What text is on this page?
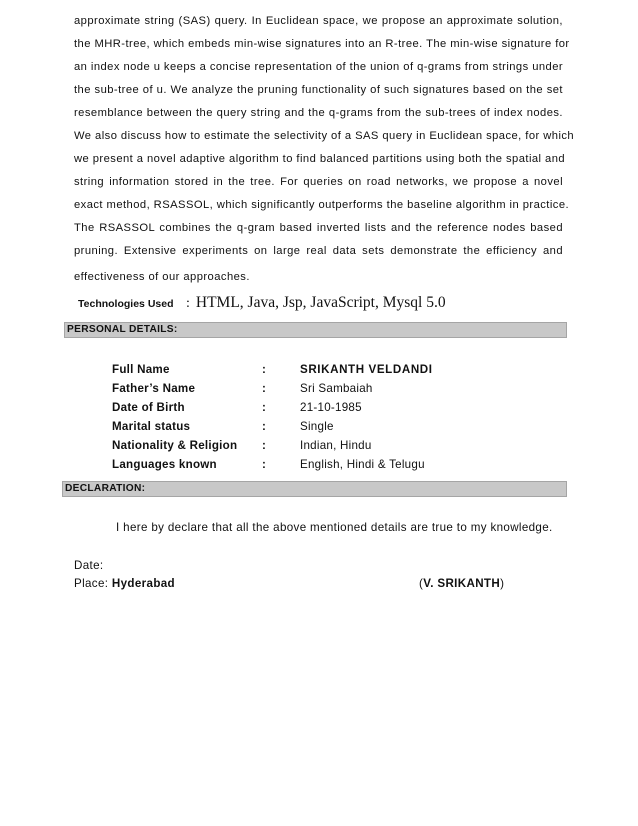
approximate string (SAS) query. In Euclidean space, we propose an approximate solution,
the MHR-tree, which embeds min-wise signatures into an R-tree. The min-wise signature for
an index node u keeps a concise representation of the union of q-grams from strings under
the sub-tree of u. We analyze the pruning functionality of such signatures based on the set
resemblance between the query string and the q-grams from the sub-trees of index nodes.
We also discuss how to estimate the selectivity of a SAS query in Euclidean space, for which
we present a novel adaptive algorithm to find balanced partitions using both the spatial and
string information stored in the tree. For queries on road networks, we propose a novel
exact method, RSASSOL, which significantly outperforms the baseline algorithm in practice.
The RSASSOL combines the q-gram based inverted lists and the reference nodes based
pruning. Extensive experiments on large real data sets demonstrate the efficiency and
effectiveness of our approaches.
Technologies Used : HTML, Java, Jsp, JavaScript, Mysql 5.0
PERSONAL DETAILS:
Full Name	:	SRIKANTH VELDANDI
Father’s Name	:	Sri Sambaiah
Date of Birth	:	21-10-1985
Marital status	:	Single
Nationality & Religion :	Indian, Hindu
Languages known	:	English, Hindi & Telugu
DECLARATION:
I here by declare that all the above mentioned details are true to my knowledge.
Date:
Place: Hyderabad	(V. SRIKANTH)
